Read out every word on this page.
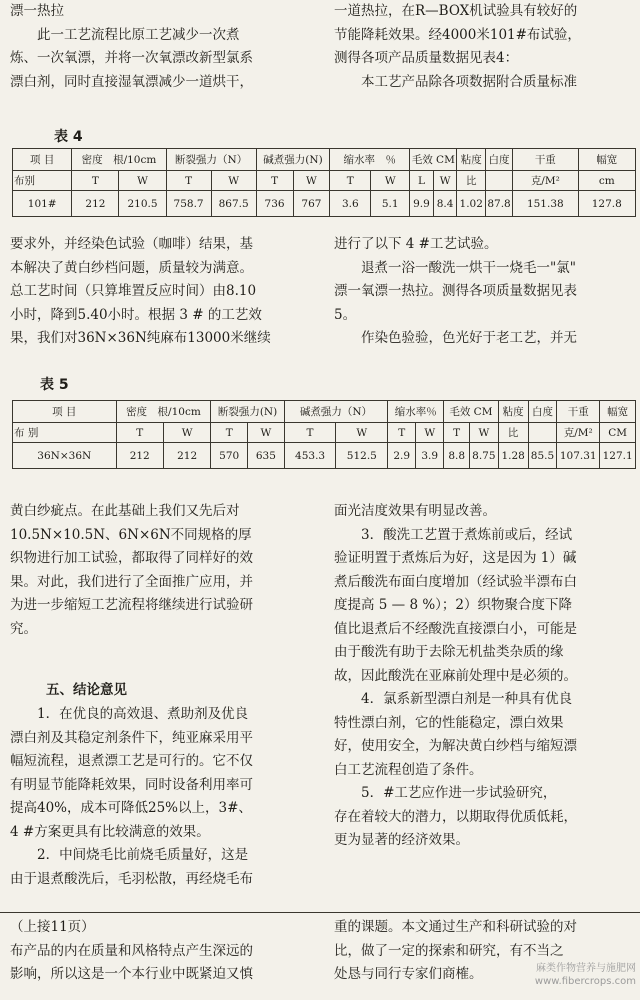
漂一热拉
　　此一工艺流程比原工艺减少一次煮
炼、一次氧漂，并将一次氧漂改新型氯系
漂白剂，同时直接湿氧漂减少一道烘干，
一道热拉，在R—BOX机试验具有较好的
节能降耗效果。经4000米101#布试验，
测得各项产品质量数据见表4：
　　本工艺产品除各项数据附合质量标准
表 4
项 目	密度　根/10cm		断裂强力（N）		碱煮强力(N)		缩水率　％		毛效 CM		粘度	白度	干重	幅宽
布别	T	W	T	W	T	W	T	W	L	W	比		克/M²	cm
101#	212	210.5	758.7	867.5	736	767	3.6	5.1	9.9	8.4	1.02	87.8	151.38	127.8
要求外，并经染色试验（咖啡）结果，基
本解决了黄白纱档问题，质量较为满意。
总工艺时间（只算堆置反应时间）由8.10
小时，降到5.40小时。根据 3 # 的工艺效
果，我们对36N×36N纯麻布13000米继续
进行了以下 4 #工艺试验。
　　退煮一浴一酸洗一烘干一烧毛一"氯"
漂一氧漂一热拉。测得各项质量数据见表
5。
　　作染色验验，色光好于老工艺，并无
表 5
项 目	密度　根/10cm		断裂强力(N)		碱煮强力（N）		缩水率％		毛效 CM		粘度	白度	干重	幅宽
布 别	T	W	T	W	T	W	T	W	T	W	比		克/M²	CM
36N×36N	212	212	570	635	453.3	512.5	2.9	3.9	8.8	8.75	1.28	85.5	107.31	127.1
黄白纱疵点。在此基础上我们又先后对
10.5N×10.5N、6N×6N不同规格的厚
织物进行加工试验，都取得了同样好的效
果。对此，我们进行了全面推广应用，并
为进一步缩短工艺流程将继续进行试验研
究。
五、结论意见
　　1．在优良的高效退、煮助剂及优良
漂白剂及其稳定剂条件下，纯亚麻采用平
幅短流程，退煮漂工艺是可行的。它不仅
有明显节能降耗效果，同时设备利用率可
提高40%，成本可降低25%以上，3#、
4 #方案更具有比较满意的效果。
　　2．中间烧毛比前烧毛质量好，这是
由于退煮酸洗后，毛羽松散，再经烧毛布
面光洁度效果有明显改善。
　　3．酸洗工艺置于煮炼前或后，经试
验证明置于煮炼后为好，这是因为 1）碱
煮后酸洗布面白度增加（经试验半漂布白
度提高 5 — 8 %）；2）织物聚合度下降
值比退煮后不经酸洗直接漂白小，可能是
由于酸洗有助于去除无机盐类杂质的缘
故，因此酸洗在亚麻前处理中是必须的。
　　4．氯系新型漂白剂是一种具有优良
特性漂白剂，它的性能稳定，漂白效果
好，使用安全，为解决黄白纱档与缩短漂
白工艺流程创造了条件。
　　5．#工艺应作进一步试验研究，
存在着较大的潜力，以期取得优质低耗，
更为显著的经济效果。
（上接11页）
布产品的内在质量和风格特点产生深远的
影响，所以这是一个本行业中既紧迫又慎
重的课题。本文通过生产和科研试验的对
比，做了一定的探索和研究，有不当之
处恳与同行专家们商榷。	麻类作物营养与施肥网
www.fibercrops.com
